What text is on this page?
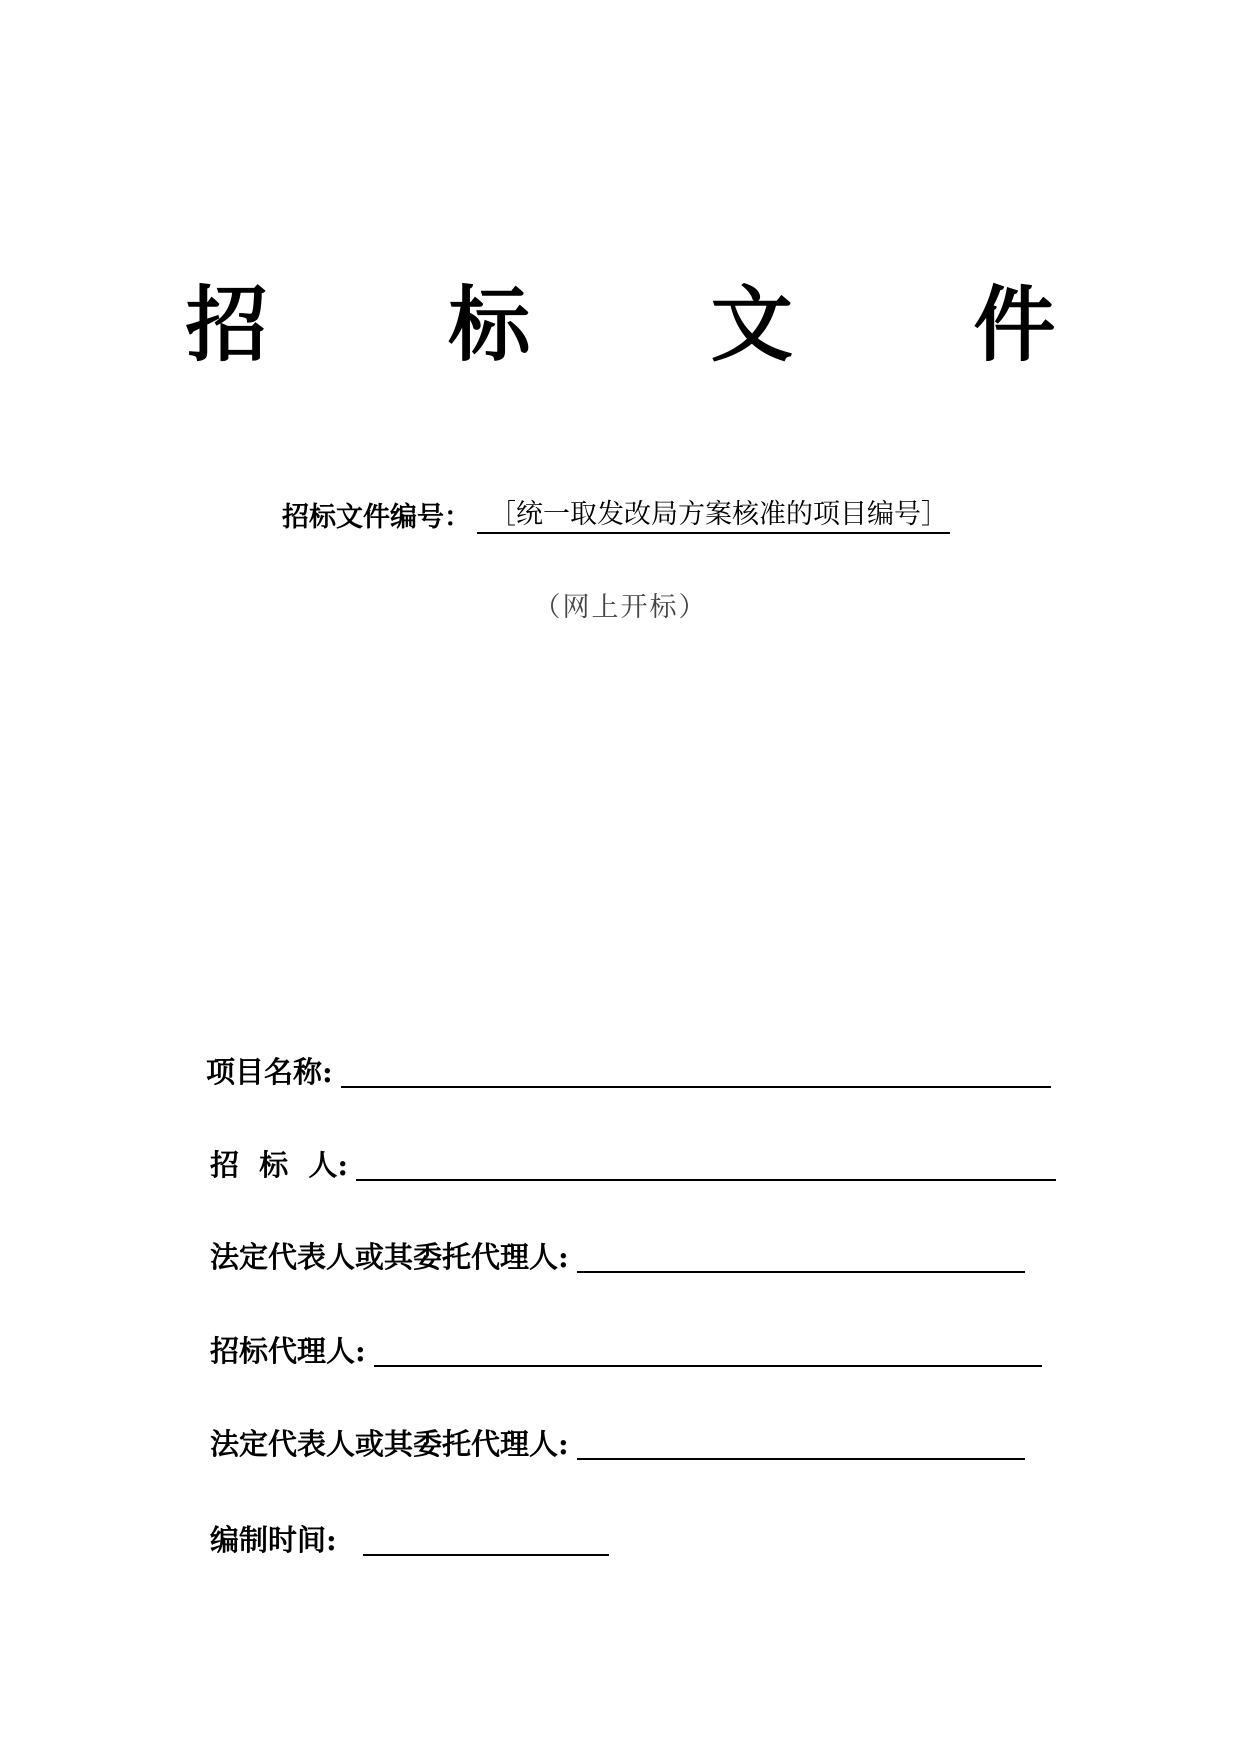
招 标 文 件
招标文件编号： ［统一取发改局方案核准的项目编号］
（网上开标）
项目名称:
招  标  人:
法定代表人或其委托代理人:
招标代理人:
法定代表人或其委托代理人:
编制时间:
